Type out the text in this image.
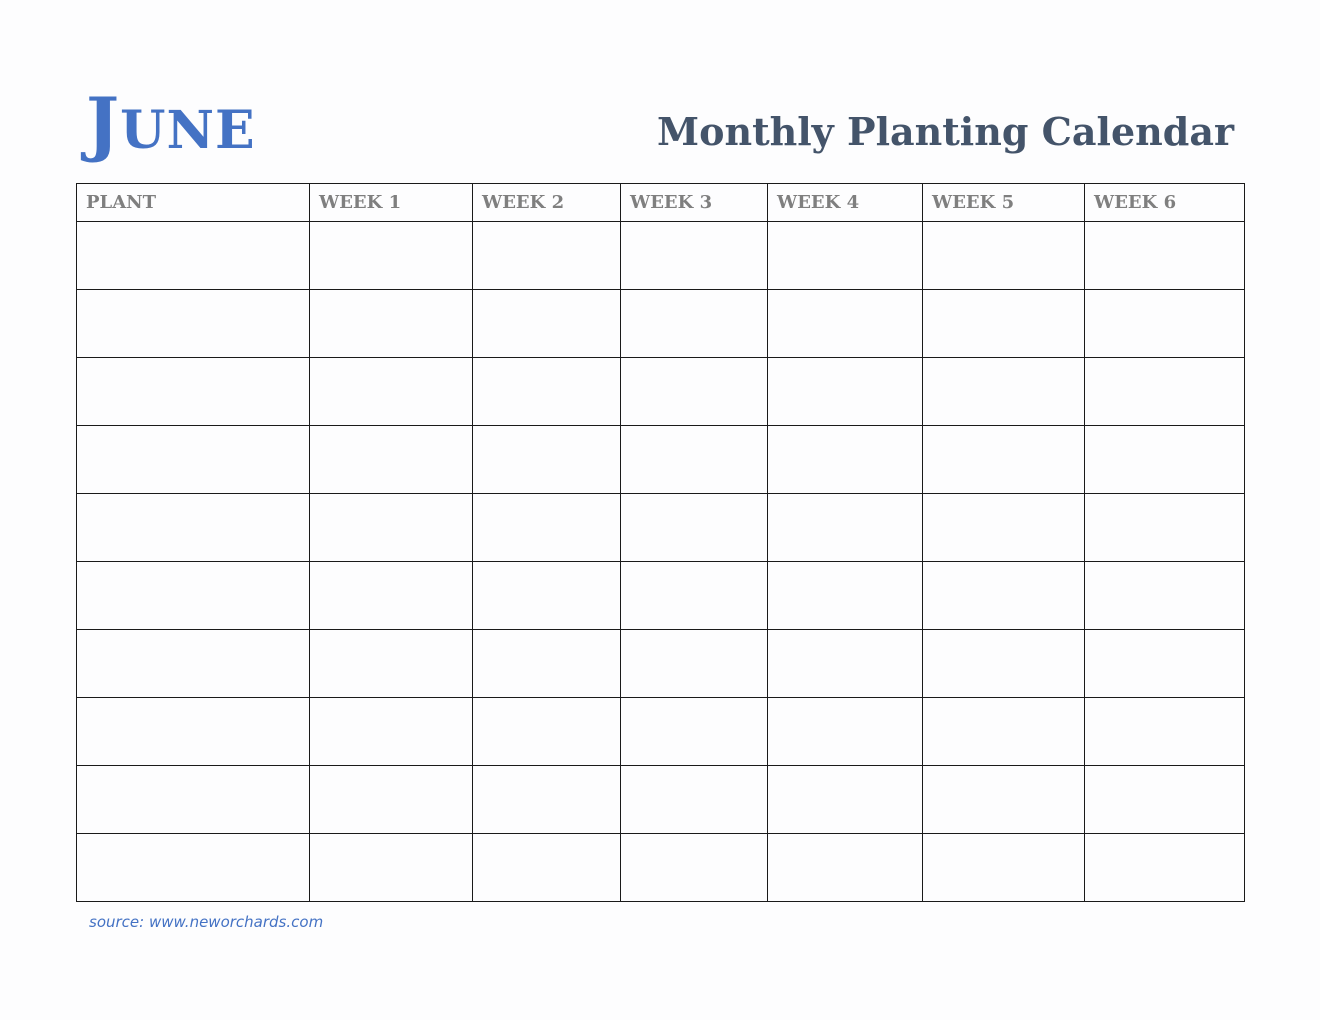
JUNE	Monthly Planting Calendar
PLANT	WEEK 1	WEEK 2	WEEK 3	WEEK 4	WEEK 5	WEEK 6

source: www.neworchards.com
